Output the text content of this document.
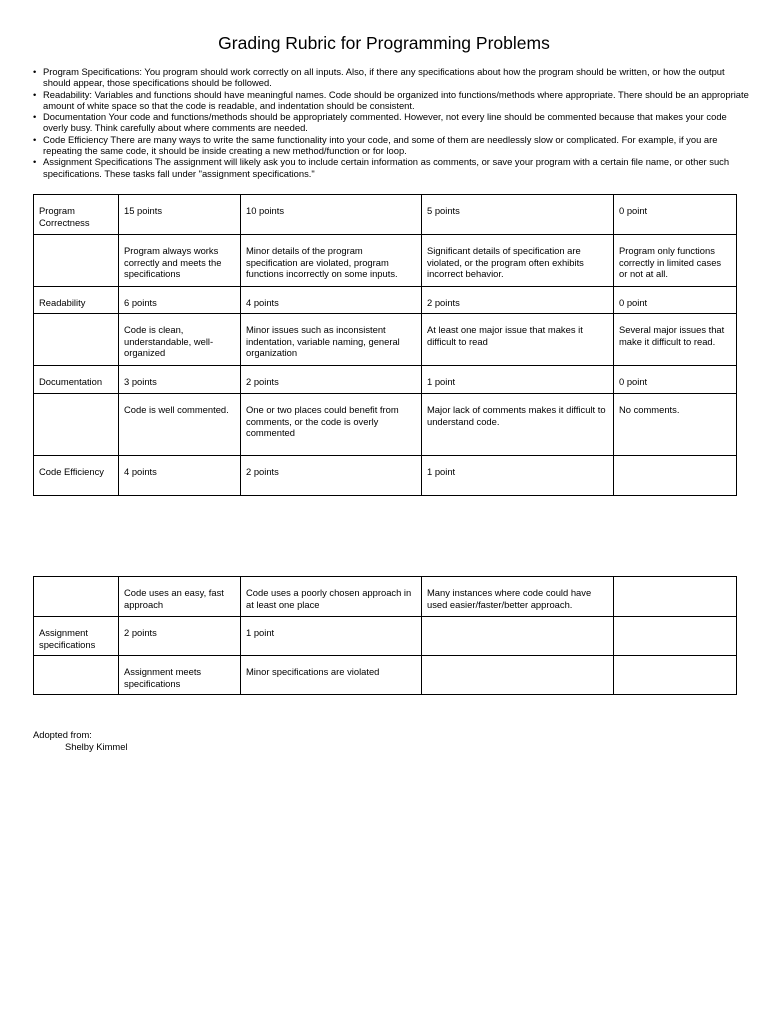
Grading Rubric for Programming Problems
• Program Specifications: You program should work correctly on all inputs. Also, if there any specifications about how the program should be written, or how the output should appear, those specifications should be followed.
• Readability: Variables and functions should have meaningful names. Code should be organized into functions/methods where appropriate. There should be an appropriate amount of white space so that the code is readable, and indentation should be consistent.
• Documentation Your code and functions/methods should be appropriately commented. However, not every line should be commented because that makes your code overly busy. Think carefully about where comments are needed.
• Code Efficiency There are many ways to write the same functionality into your code, and some of them are needlessly slow or complicated. For example, if you are repeating the same code, it should be inside creating a new method/function or for loop.
• Assignment Specifications The assignment will likely ask you to include certain information as comments, or save your program with a certain file name, or other such specifications. These tasks fall under "assignment specifications."
Program Correctness	15 points	10 points	5 points	0 point
	Program always works correctly and meets the specifications	Minor details of the program specification are violated, program functions incorrectly on some inputs.	Significant details of specification are violated, or the program often exhibits incorrect behavior.	Program only functions correctly in limited cases or not at all.
Readability	6 points	4 points	2 points	0 point
	Code is clean, understandable, well-organized	Minor issues such as inconsistent indentation, variable naming, general organization	At least one major issue that makes it difficult to read	Several major issues that make it difficult to read.
Documentation	3 points	2 points	1 point	0 point
	Code is well commented.	One or two places could benefit from comments, or the code is overly commented	Major lack of comments makes it difficult to understand code.	No comments.
Code Efficiency	4 points	2 points	1 point	
	Code uses an easy, fast approach	Code uses a poorly chosen approach in at least one place	Many instances where code could have used easier/faster/better approach.	
Assignment specifications	2 points	1 point		
	Assignment meets specifications	Minor specifications are violated		
Adopted from:
Shelby Kimmel
